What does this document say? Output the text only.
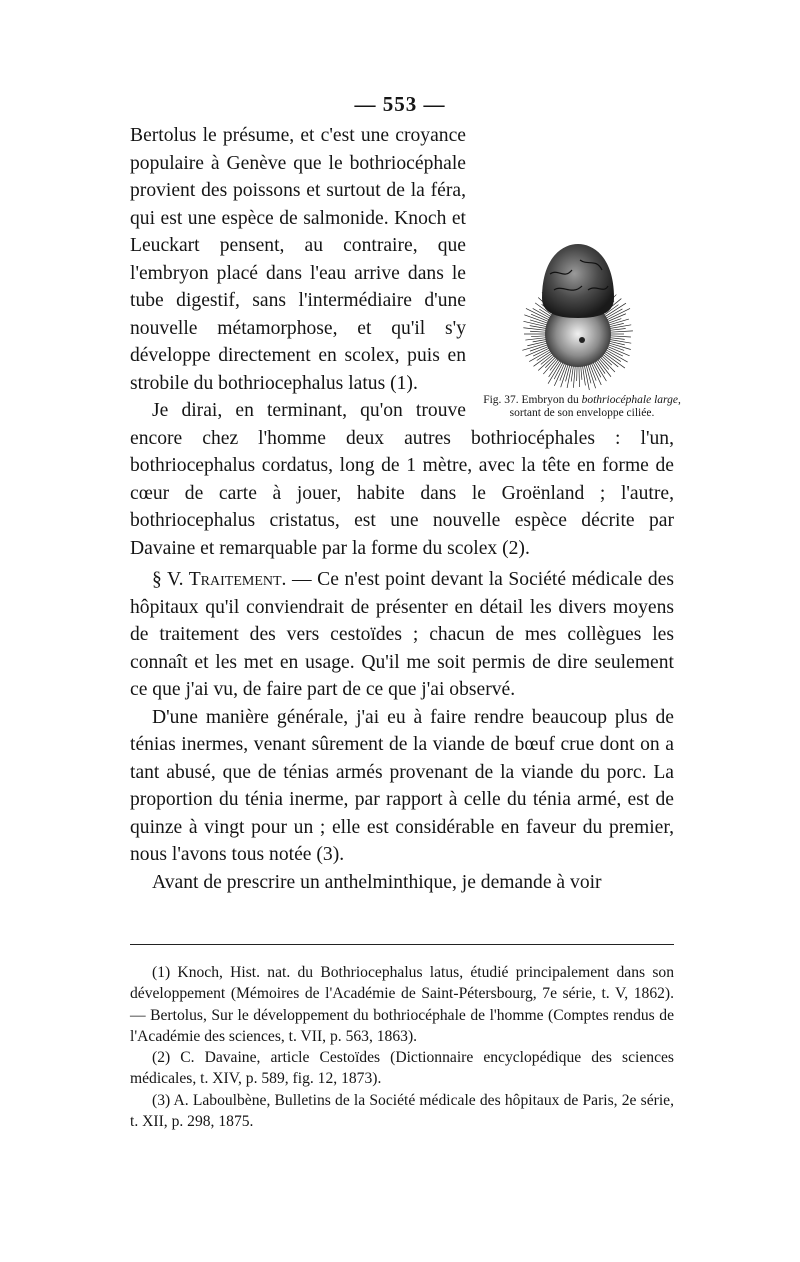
— 553 —
Fig. 37. Embryon du bothriocéphale large, sortant de son enveloppe ciliée.

Bertolus le présume, et c'est une croyance populaire à Genève que le bothriocéphale provient des poissons et surtout de la féra, qui est une espèce de salmonide. Knoch et Leuckart pensent, au contraire, que l'embryon placé dans l'eau arrive dans le tube digestif, sans l'intermédiaire d'une nouvelle métamorphose, et qu'il s'y développe directement en scolex, puis en strobile du bothriocephalus latus (1).

Je dirai, en terminant, qu'on trouve encore chez l'homme deux autres bothriocéphales : l'un, bothriocephalus cordatus, long de 1 mètre, avec la tête en forme de cœur de carte à jouer, habite dans le Groënland ; l'autre, bothriocephalus cristatus, est une nouvelle espèce décrite par Davaine et remarquable par la forme du scolex (2).

§ V. Traitement. — Ce n'est point devant la Société médicale des hôpitaux qu'il conviendrait de présenter en détail les divers moyens de traitement des vers cestoïdes ; chacun de mes collègues les connaît et les met en usage. Qu'il me soit permis de dire seulement ce que j'ai vu, de faire part de ce que j'ai observé.

D'une manière générale, j'ai eu à faire rendre beaucoup plus de ténias inermes, venant sûrement de la viande de bœuf crue dont on a tant abusé, que de ténias armés provenant de la viande du porc. La proportion du ténia inerme, par rapport à celle du ténia armé, est de quinze à vingt pour un ; elle est considérable en faveur du premier, nous l'avons tous notée (3).

Avant de prescrire un anthelminthique, je demande à voir

(1) Knoch, Hist. nat. du Bothriocephalus latus, étudié principalement dans son développement (Mémoires de l'Académie de Saint-Pétersbourg, 7e série, t. V, 1862). — Bertolus, Sur le développement du bothriocéphale de l'homme (Comptes rendus de l'Académie des sciences, t. VII, p. 563, 1863).

(2) C. Davaine, article Cestoïdes (Dictionnaire encyclopédique des sciences médicales, t. XIV, p. 589, fig. 12, 1873).

(3) A. Laboulbène, Bulletins de la Société médicale des hôpitaux de Paris, 2e série, t. XII, p. 298, 1875.
